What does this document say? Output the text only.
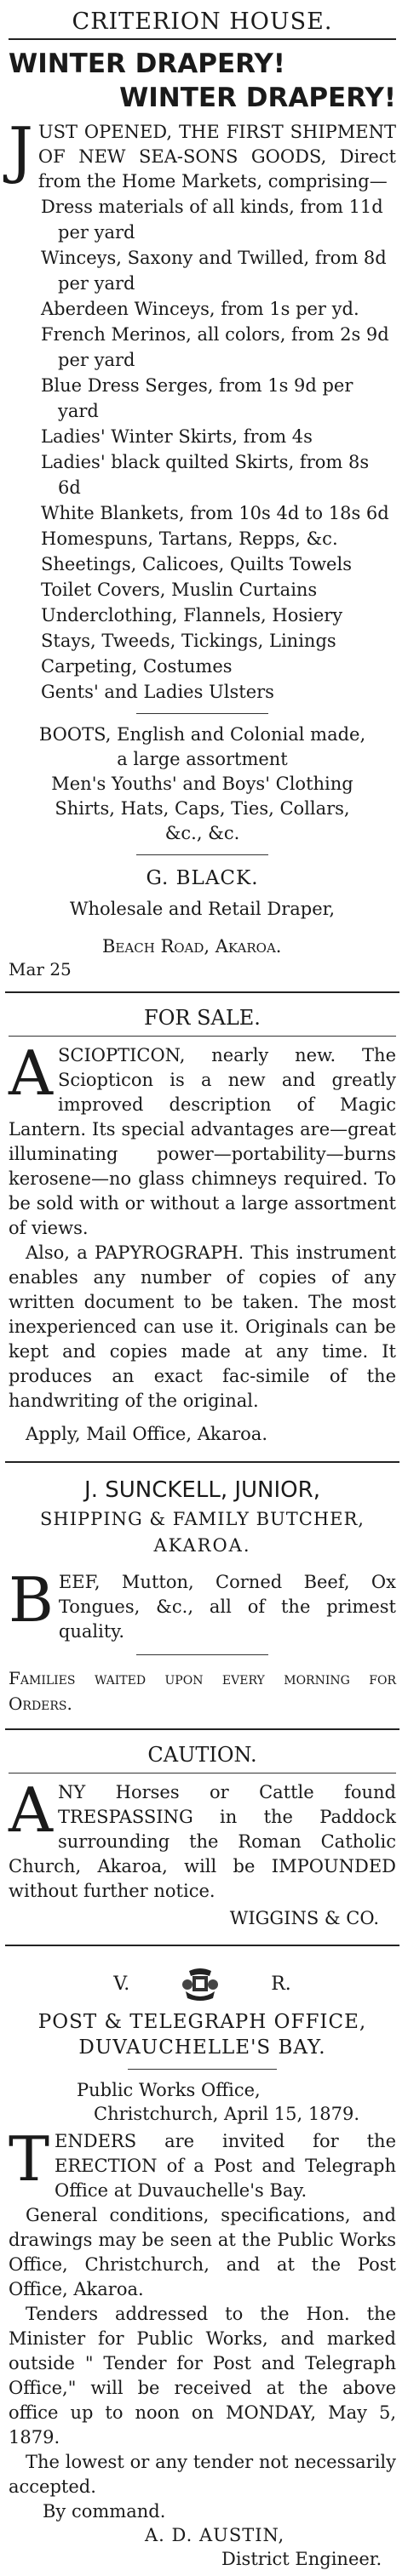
CRITERION HOUSE.
WINTER DRAPERY!
WINTER DRAPERY!
JUST OPENED, THE FIRST SHIPMENT OF NEW SEA-SONS GOODS, Direct from the Home Markets, comprising—
Dress materials of all kinds, from 11d per yard
Winceys, Saxony and Twilled, from 8d per yard
Aberdeen Winceys, from 1s per yd.
French Merinos, all colors, from 2s 9d per yard
Blue Dress Serges, from 1s 9d per yard
Ladies' Winter Skirts, from 4s
Ladies' black quilted Skirts, from 8s 6d
White Blankets, from 10s 4d to 18s 6d
Homespuns, Tartans, Repps, &c.
Sheetings, Calicoes, Quilts Towels
Toilet Covers, Muslin Curtains
Underclothing, Flannels, Hosiery
Stays, Tweeds, Tickings, Linings
Carpeting, Costumes
Gents' and Ladies Ulsters

BOOTS, English and Colonial made, a large assortment

Men's Youths' and Boys' Clothing Shirts, Hats, Caps, Ties, Collars, &c., &c.

G. BLACK.

Wholesale and Retail Draper,

Beach Road, Akaroa.

Mar 25

FOR SALE.
ASCIOPTICON, nearly new. The Sciopticon is a new and greatly improved description of Magic Lantern. Its special advantages are—great illuminating power—portability—burns kerosene—no glass chimneys required. To be sold with or without a large assortment of views.

Also, a PAPYROGRAPH. This instrument enables any number of copies of any written document to be taken. The most inexperienced can use it. Originals can be kept and copies made at any time. It produces an exact fac-simile of the handwriting of the original.

Apply, Mail Office, Akaroa.

J. SUNCKELL, JUNIOR,

SHIPPING & FAMILY BUTCHER,

AKAROA.

BEEF, Mutton, Corned Beef, Ox Tongues, &c., all of the primest quality.

Families waited upon every morning for Orders.

CAUTION.
ANY Horses or Cattle found TRESPASSING in the Paddock surrounding the Roman Catholic Church, Akaroa, will be IMPOUNDED without further notice.

WIGGINS & CO.

V.	R.
POST & TELEGRAPH OFFICE,
DUVAUCHELLE'S BAY.

Public Works Office,

Christchurch, April 15, 1879.

TENDERS are invited for the ERECTION of a Post and Telegraph Office at Duvauchelle's Bay.

General conditions, specifications, and drawings may be seen at the Public Works Office, Christchurch, and at the Post Office, Akaroa.

Tenders addressed to the Hon. the Minister for Public Works, and marked outside " Tender for Post and Telegraph Office," will be received at the above office up to noon on MONDAY, May 5, 1879.

The lowest or any tender not necessarily accepted.

By command.

A. D. AUSTIN,

District Engineer.
